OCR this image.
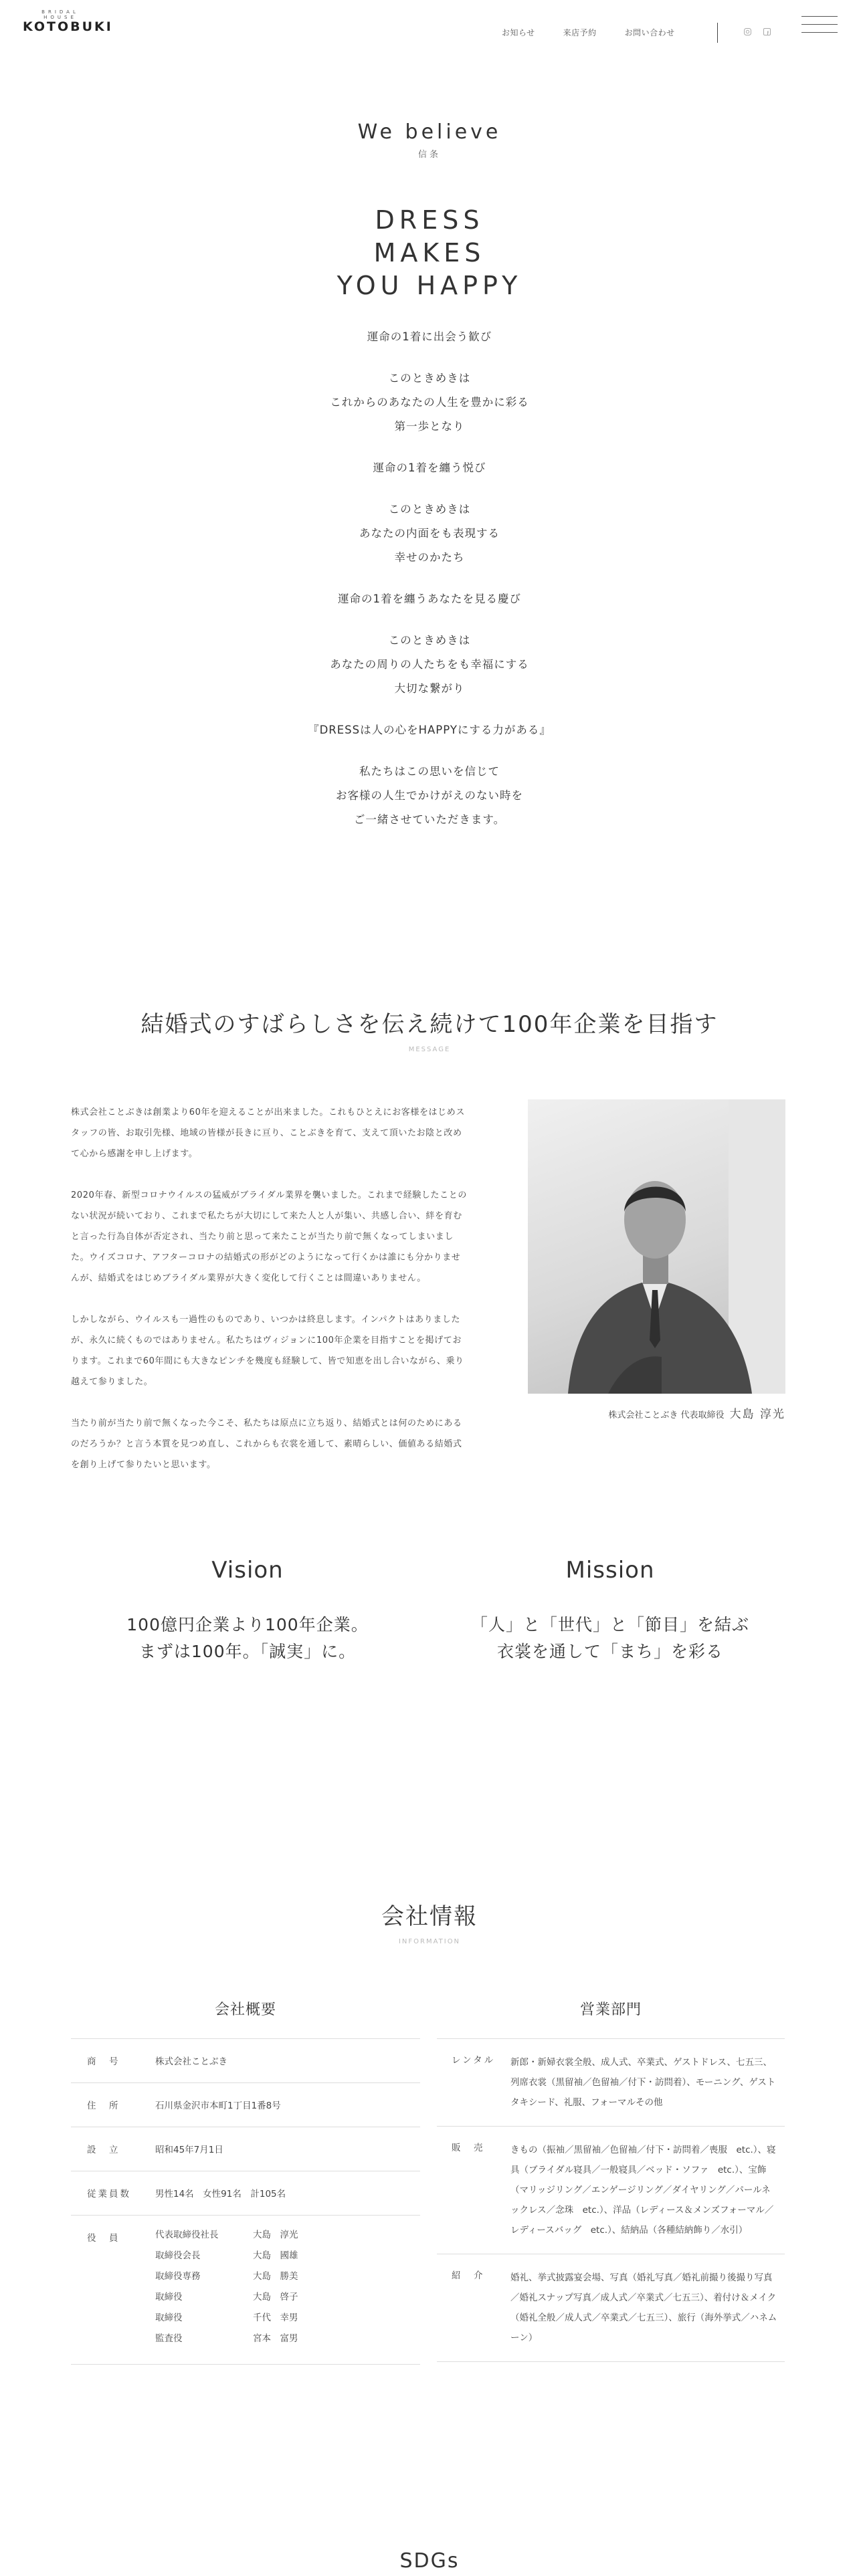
BRIDAL HOUSE
KOTOBUKI	お知らせ	来店予約	お問い合わせ
We believe
信条
DRESS
MAKES
YOU HAPPY

運命の1着に出会う歓び

このときめきは
これからのあなたの人生を豊かに彩る
第一歩となり

運命の1着を纏う悦び

このときめきは
あなたの内面をも表現する
幸せのかたち

運命の1着を纏うあなたを見る慶び

このときめきは
あなたの周りの人たちをも幸福にする
大切な繋がり

『DRESSは人の心をHAPPYにする力がある』

私たちはこの思いを信じて
お客様の人生でかけがえのない時を
ご一緒させていただきます。

結婚式のすばらしさを伝え続けて100年企業を目指す
MESSAGE

株式会社ことぶきは創業より60年を迎えることが出来ました。これもひとえにお客様をはじめスタッフの皆、お取引先様、地域の皆様が長きに亘り、ことぶきを育て、支えて頂いたお陰と改めて心から感謝を申し上げます。

2020年春、新型コロナウイルスの猛威がブライダル業界を襲いました。これまで経験したことのない状況が続いており、これまで私たちが大切にして来た人と人が集い、共感し合い、絆を育むと言った行為自体が否定され、当たり前と思って来たことが当たり前で無くなってしまいました。ウイズコロナ、アフターコロナの結婚式の形がどのようになって行くかは誰にも分かりませんが、結婚式をはじめブライダル業界が大きく変化して行くことは間違いありません。

しかしながら、ウイルスも一過性のものであり、いつかは終息します。インパクトはありましたが、永久に続くものではありません。私たちはヴィジョンに100年企業を目指すことを掲げております。これまで60年間にも大きなピンチを幾度も経験して、皆で知恵を出し合いながら、乗り越えて参りました。

当たり前が当たり前で無くなった今こそ、私たちは原点に立ち返り、結婚式とは何のためにあるのだろうか？と言う本質を見つめ直し、これからも衣裳を通して、素晴らしい、価値ある結婚式を創り上げて参りたいと思います。

株式会社ことぶき 代表取締役 大島 淳光
Vision
100億円企業より100年企業。
まずは100年。「誠実」に。
Mission
「人」と「世代」と「節目」を結ぶ
衣裳を通して「まち」を彩る
会社情報
INFORMATION
会社概要	営業部門
商　号	株式会社ことぶき
住　所	石川県金沢市本町1丁目1番8号
設　立	昭和45年7月1日
従業員数	男性14名　女性91名　計105名
役　員	代表取締役社長	大島　淳光
取締役会長	大島　國雄
取締役専務	大島　勝美
取締役	大島　啓子
取締役	千代　幸男
監査役	宮本　富男
レンタル	新郎・新婦衣裳全般、成人式、卒業式、ゲストドレス、七五三、列席衣裳（黒留袖／色留袖／付下・訪問着）、モーニング、ゲストタキシード、礼服、フォーマルその他
販　売	きもの（振袖／黒留袖／色留袖／付下・訪問着／喪服　etc.）、寝具（ブライダル寝具／一般寝具／ベッド・ソファ　etc.）、宝飾（マリッジリング／エンゲージリング／ダイヤリング／パールネックレス／念珠　etc.）、洋品（レディース＆メンズフォーマル／レディースバッグ　etc.）、結納品（各種結納飾り／水引）
紹　介	婚礼、挙式披露宴会場、写真（婚礼写真／婚礼前撮り後撮り写真／婚礼スナップ写真／成人式／卒業式／七五三）、着付け＆メイク（婚礼全般／成人式／卒業式／七五三）、旅行（海外挙式／ハネムーン）
SDGs
